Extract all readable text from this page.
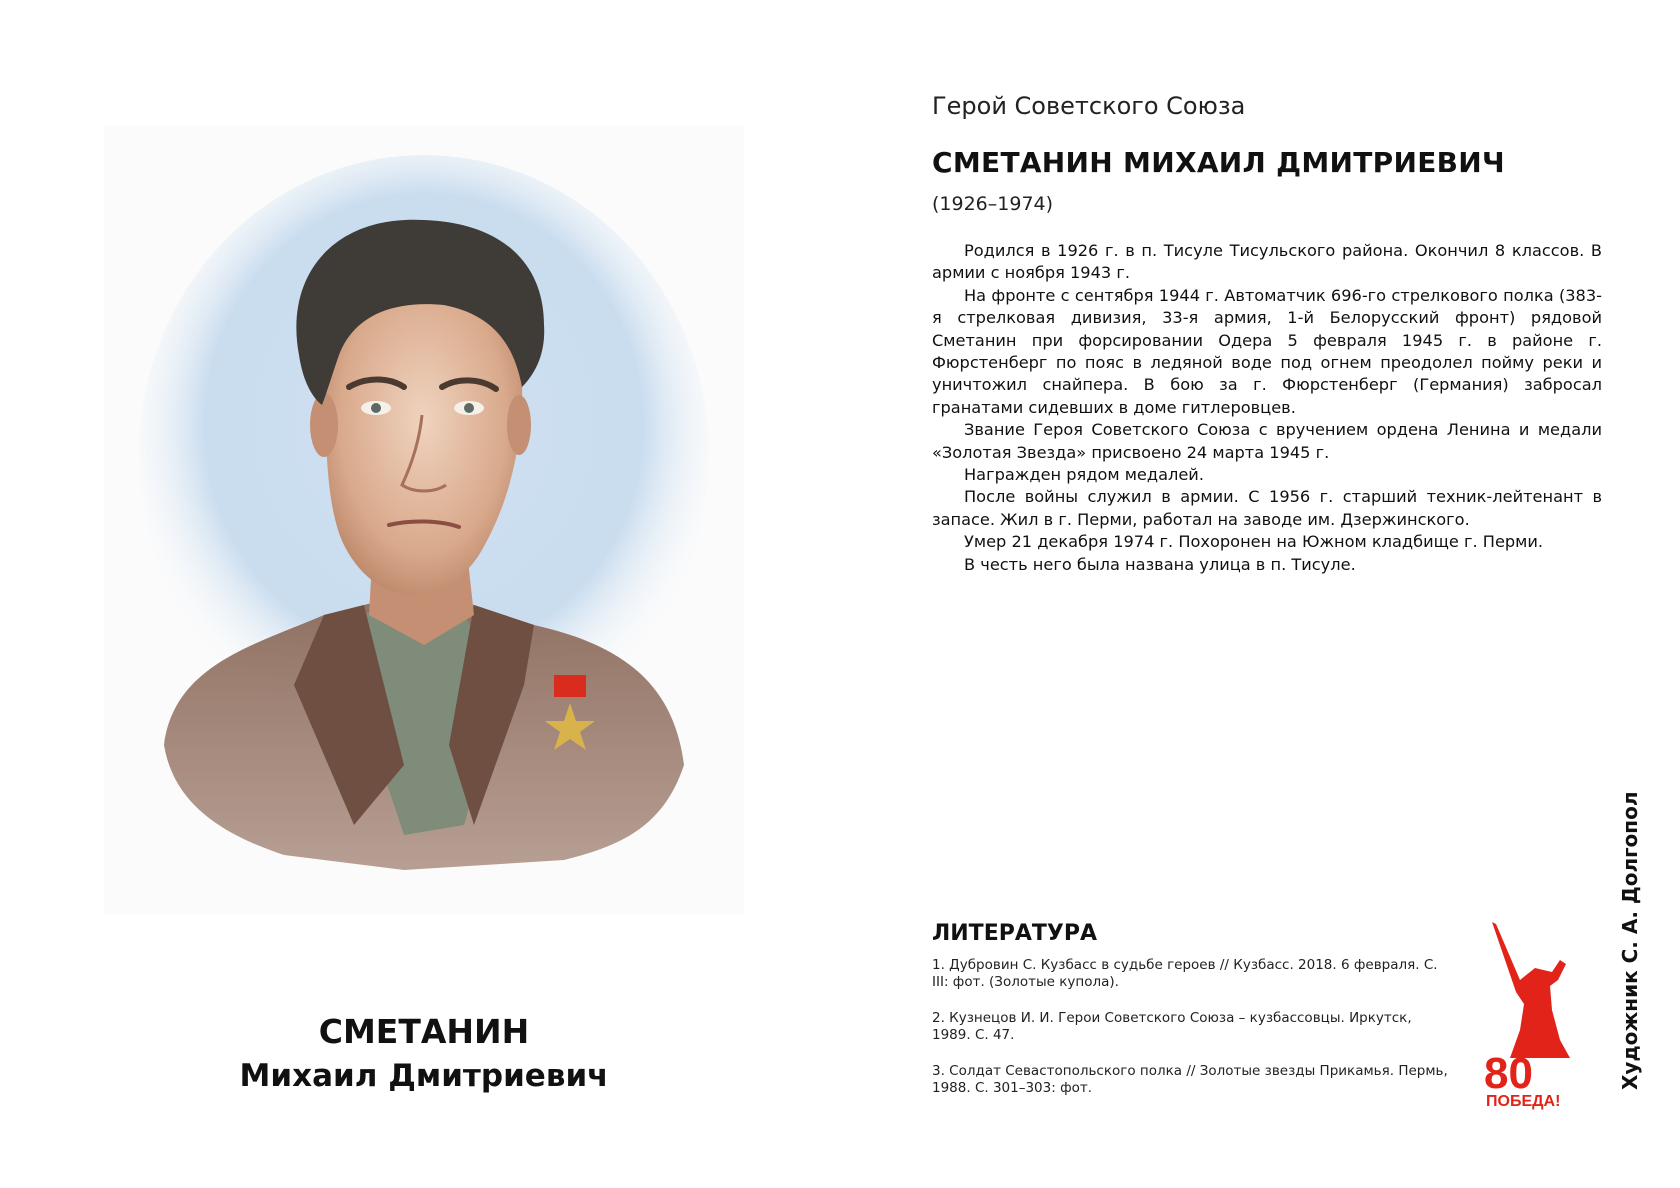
СМЕТАНИН
Михаил Дмитриевич
Герой Советского Союза
СМЕТАНИН МИХАИЛ ДМИТРИЕВИЧ
(1926–1974)

Родился в 1926 г. в п. Тисуле Тисульского района. Окончил 8 классов. В армии с ноября 1943 г.

На фронте с сентября 1944 г. Автоматчик 696-го стрелкового полка (383-я стрелковая дивизия, 33-я армия, 1-й Белорусский фронт) рядовой Сметанин при форсировании Одера 5 февраля 1945 г. в районе г. Фюрстенберг по пояс в ледяной воде под огнем преодолел пойму реки и уничтожил снайпера. В бою за г. Фюрстенберг (Германия) забросал гранатами сидевших в доме гитлеровцев.

Звание Героя Советского Союза с вручением ордена Ленина и медали «Золотая Звезда» присвоено 24 марта 1945 г.

Награжден рядом медалей.

После войны служил в армии. С 1956 г. старший техник-лейтенант в запасе. Жил в г. Перми, работал на заводе им. Дзержинского.

Умер 21 декабря 1974 г. Похоронен на Южном кладбище г. Перми.

В честь него была названа улица в п. Тисуле.

ЛИТЕРАТУРА
1. Дубровин С. Кузбасс в судьбе героев // Кузбасс. 2018. 6 февраля. С. III: фот. (Золотые купола).
2. Кузнецов И. И. Герои Советского Союза – кузбассовцы. Иркутск, 1989. С. 47.
3. Солдат Севастопольского полка // Золотые звезды Прикамья. Пермь, 1988. С. 301–303: фот.	80
ПОБЕДА!
Художник С. А. Долгопол
